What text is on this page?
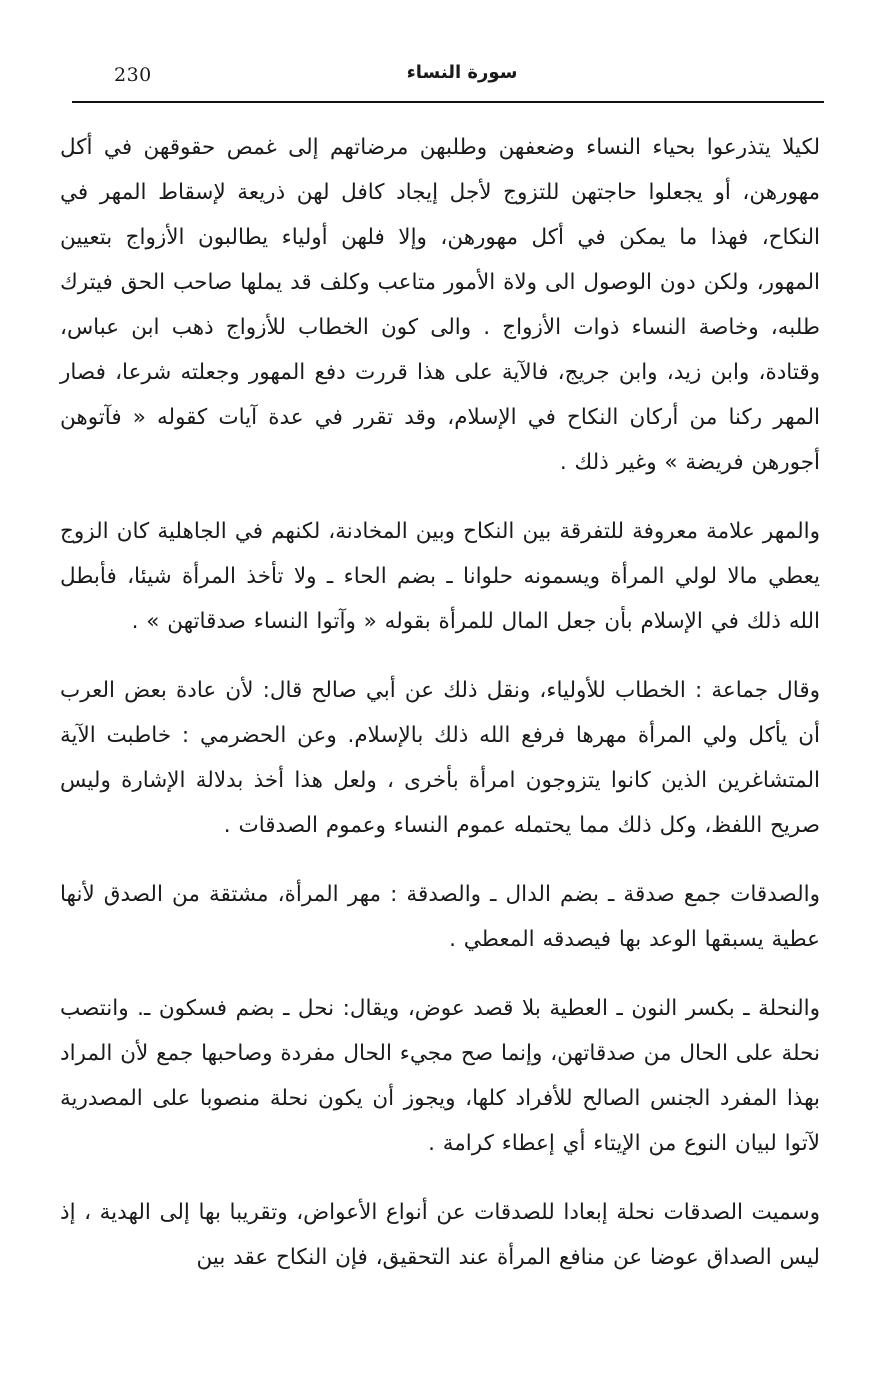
230	سورة النساء

لكيلا يتذرعوا بحياء النساء وضعفهن وطلبهن مرضاتهم إلى غمص حقوقهن في أكل مهورهن، أو يجعلوا حاجتهن للتزوج لأجل إيجاد كافل لهن ذريعة لإسقاط المهر في النكاح، فهذا ما يمكن في أكل مهورهن، وإلا فلهن أولياء يطالبون الأزواج بتعيين المهور، ولكن دون الوصول الى ولاة الأمور متاعب وكلف قد يملها صاحب الحق فيترك طلبه، وخاصة النساء ذوات الأزواج . والى كون الخطاب للأزواج ذهب ابن عباس، وقتادة، وابن زيد، وابن جريج، فالآية على هذا قررت دفع المهور وجعلته شرعا، فصار المهر ركنا من أركان النكاح في الإسلام، وقد تقرر في عدة آيات كقوله « فآتوهن أجورهن فريضة » وغير ذلك .

والمهر علامة معروفة للتفرقة بين النكاح وبين المخادنة، لكنهم في الجاهلية كان الزوج يعطي مالا لولي المرأة ويسمونه حلوانا ـ بضم الحاء ـ ولا تأخذ المرأة شيئا، فأبطل الله ذلك في الإسلام بأن جعل المال للمرأة بقوله « وآتوا النساء صدقاتهن » .

وقال جماعة : الخطاب للأولياء، ونقل ذلك عن أبي صالح قال: لأن عادة بعض العرب أن يأكل ولي المرأة مهرها فرفع الله ذلك بالإسلام. وعن الحضرمي : خاطبت الآية المتشاغرين الذين كانوا يتزوجون امرأة بأخرى ، ولعل هذا أخذ بدلالة الإشارة وليس صريح اللفظ، وكل ذلك مما يحتمله عموم النساء وعموم الصدقات .

والصدقات جمع صدقة ـ بضم الدال ـ والصدقة : مهر المرأة، مشتقة من الصدق لأنها عطية يسبقها الوعد بها فيصدقه المعطي .

والنحلة ـ بكسر النون ـ العطية بلا قصد عوض، ويقال: نحل ـ بضم فسكون ـ. وانتصب نحلة على الحال من صدقاتهن، وإنما صح مجيء الحال مفردة وصاحبها جمع لأن المراد بهذا المفرد الجنس الصالح للأفراد كلها، ويجوز أن يكون نحلة منصوبا على المصدرية لآتوا لبيان النوع من الإيتاء أي إعطاء كرامة .

وسميت الصدقات نحلة إبعادا للصدقات عن أنواع الأعواض، وتقريبا بها إلى الهدية ، إذ ليس الصداق عوضا عن منافع المرأة عند التحقيق، فإن النكاح عقد بين
